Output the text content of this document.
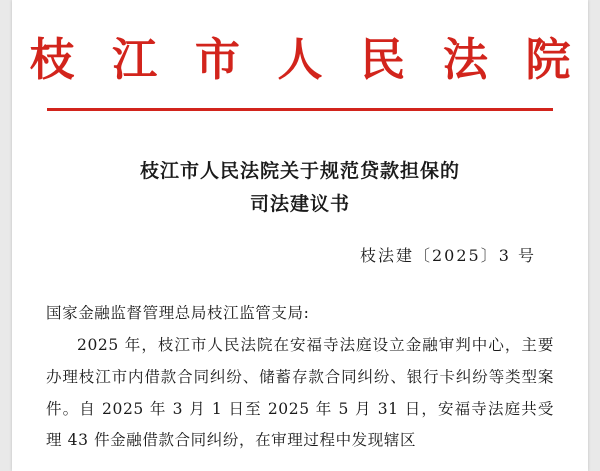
枝 江 市 人 民 法 院
枝江市人民法院关于规范贷款担保的
司法建议书
枝法建〔2025〕3 号
国家金融监督管理总局枝江监管支局:
2025 年，枝江市人民法院在安福寺法庭设立金融审判中心，主要办理枝江市内借款合同纠纷、储蓄存款合同纠纷、银行卡纠纷等类型案件。自 2025 年 3 月 1 日至 2025 年 5 月 31 日，安福寺法庭共受理 43 件金融借款合同纠纷，在审理过程中发现辖区
